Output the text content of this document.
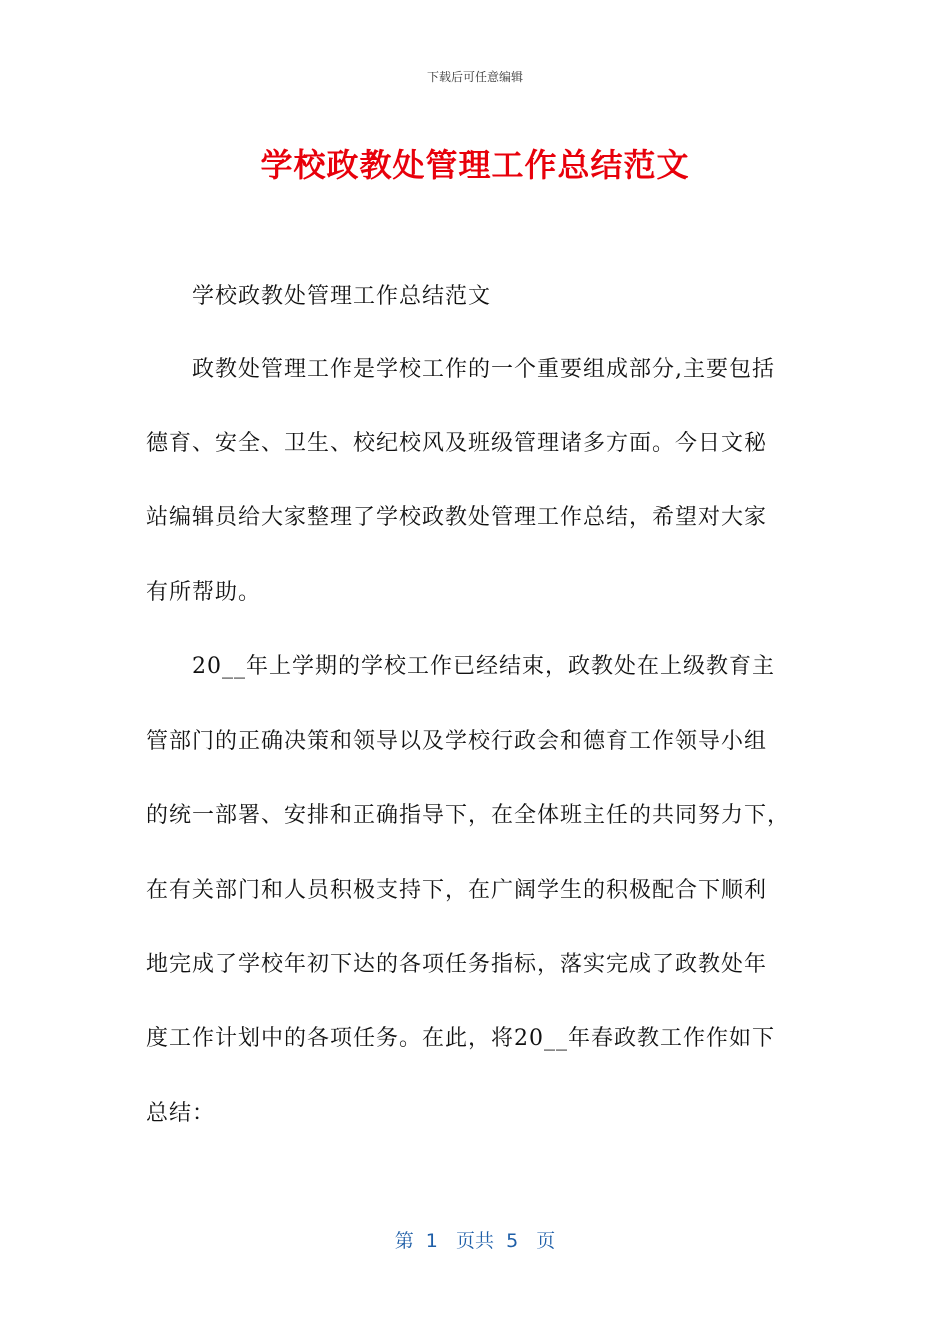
下载后可任意编辑
学校政教处管理工作总结范文
学校政教处管理工作总结范文
政教处管理工作是学校工作的一个重要组成部分,主要包括
德育、安全、卫生、校纪校风及班级管理诸多方面。今日文秘
站编辑员给大家整理了学校政教处管理工作总结，希望对大家
有所帮助。
20__年上学期的学校工作已经结束，政教处在上级教育主
管部门的正确决策和领导以及学校行政会和德育工作领导小组
的统一部署、安排和正确指导下，在全体班主任的共同努力下，
在有关部门和人员积极支持下，在广阔学生的积极配合下顺利
地完成了学校年初下达的各项任务指标，落实完成了政教处年
度工作计划中的各项任务。在此，将20__年春政教工作作如下
总结：
第  1   页共  5   页
